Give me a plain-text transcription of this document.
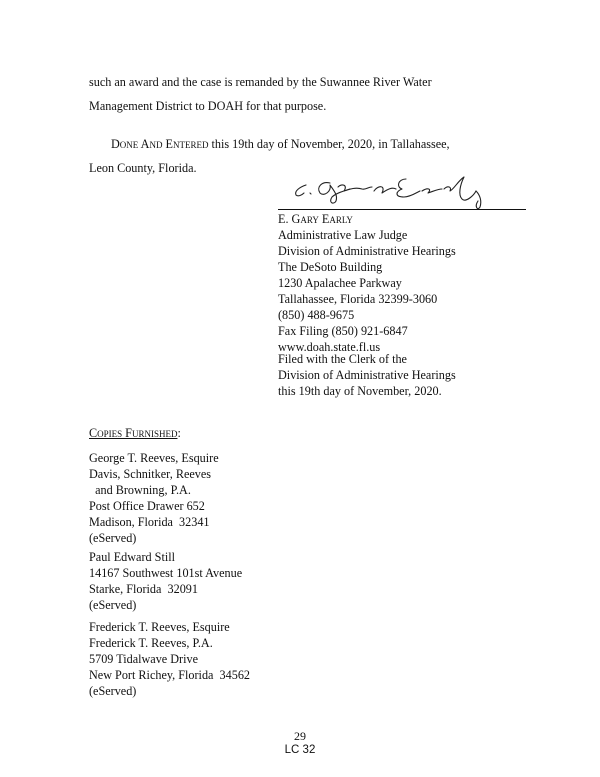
such an award and the case is remanded by the Suwannee River Water
Management District to DOAH for that purpose.
Done And Entered this 19th day of November, 2020, in Tallahassee,
Leon County, Florida.
E. Gary Early
Administrative Law Judge
Division of Administrative Hearings
The DeSoto Building
1230 Apalachee Parkway
Tallahassee, Florida 32399-3060
(850) 488-9675
Fax Filing (850) 921-6847
www.doah.state.fl.us
Filed with the Clerk of the
Division of Administrative Hearings
this 19th day of November, 2020.
Copies Furnished:
George T. Reeves, Esquire
Davis, Schnitker, Reeves
and Browning, P.A.
Post Office Drawer 652
Madison, Florida  32341
(eServed)
Paul Edward Still
14167 Southwest 101st Avenue
Starke, Florida  32091
(eServed)
Frederick T. Reeves, Esquire
Frederick T. Reeves, P.A.
5709 Tidalwave Drive
New Port Richey, Florida  34562
(eServed)
29
LC 32
